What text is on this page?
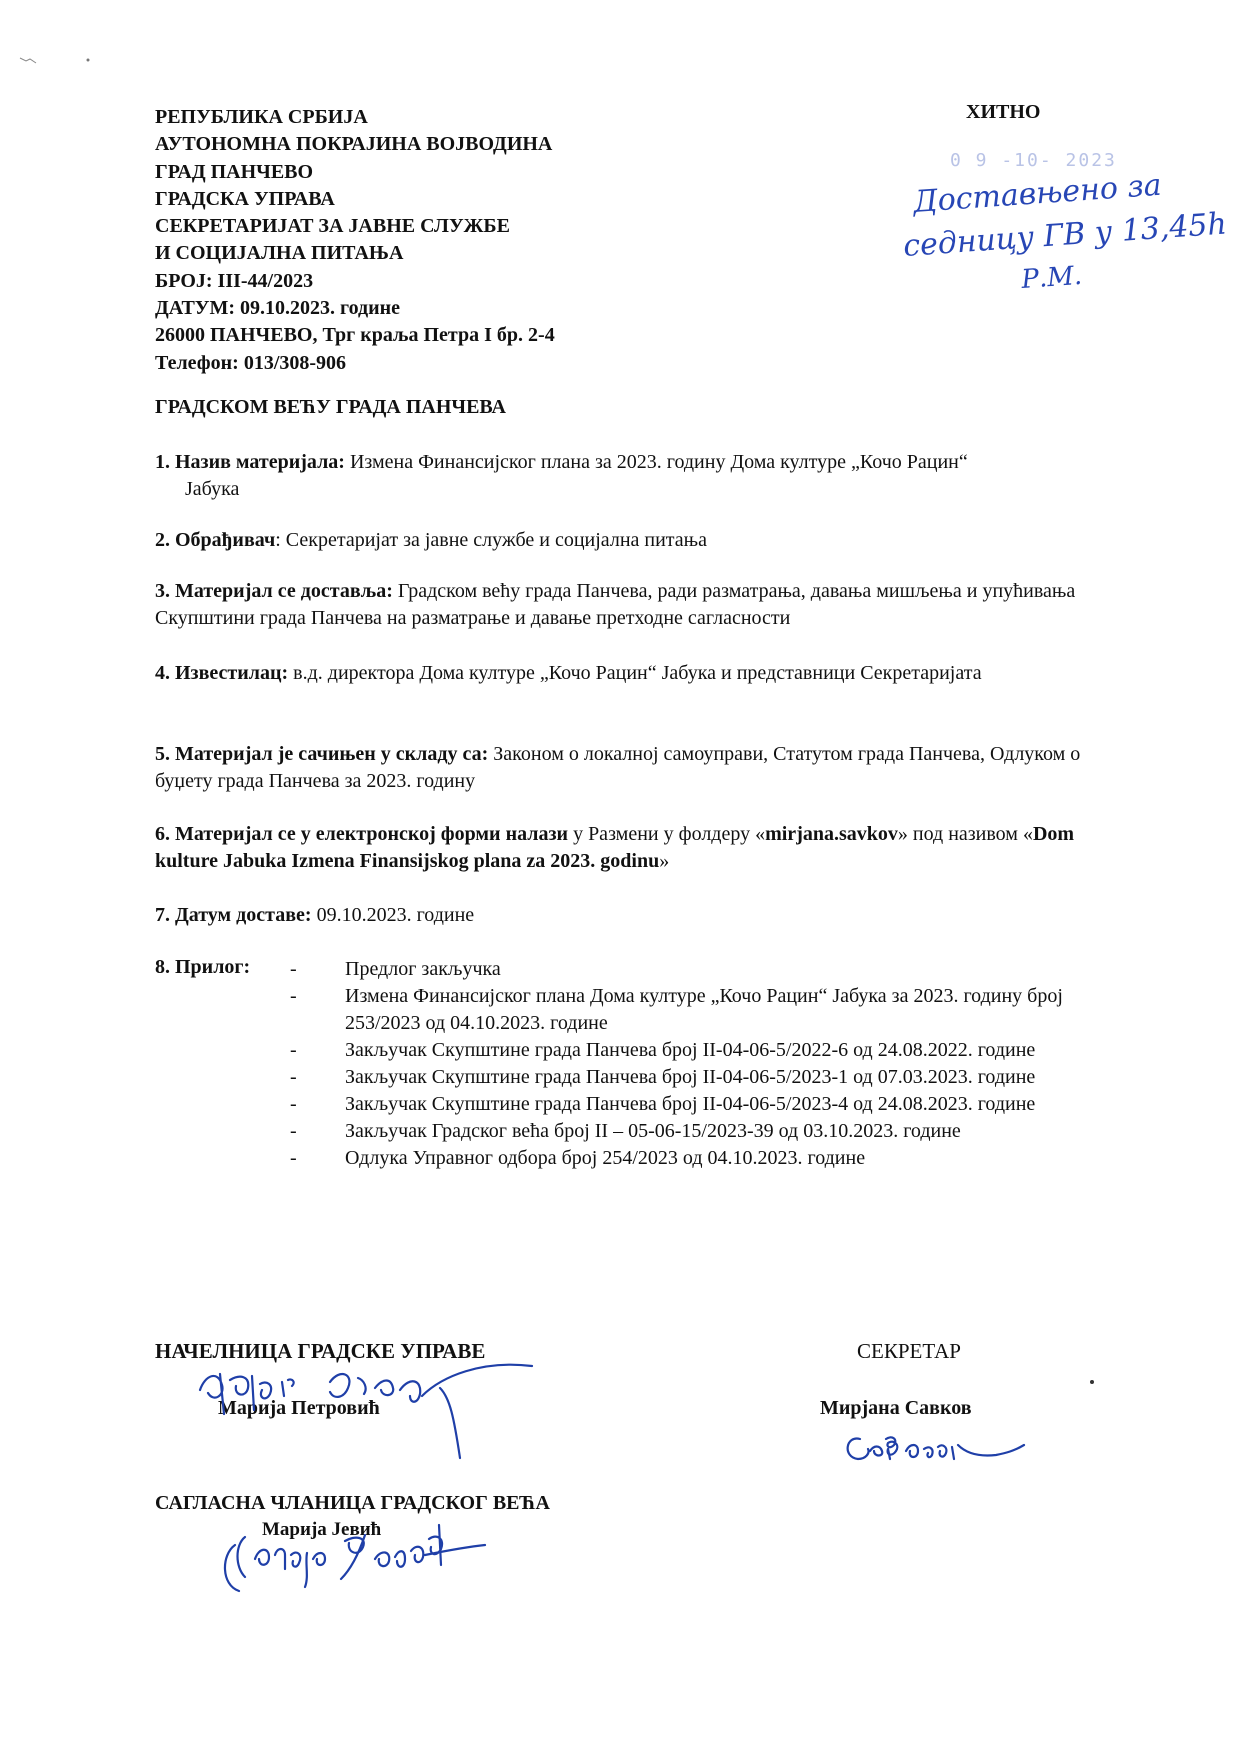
РЕПУБЛИКА СРБИЈА
АУТОНОМНА ПОКРАЈИНА ВОЈВОДИНА
ГРАД ПАНЧЕВО
ГРАДСКА УПРАВА
СЕКРЕТАРИЈАТ ЗА ЈАВНЕ СЛУЖБЕ
И СОЦИЈАЛНА ПИТАЊА
БРОЈ: III-44/2023
ДАТУМ: 09.10.2023. године
26000 ПАНЧЕВО, Трг краља Петра I бр. 2-4
Телефон: 013/308-906
ХИТНО
0 9 -10- 2023
Доставњено за
седницу ГВ у 13,45h
Р.М.
ГРАДСКОМ ВЕЋУ ГРАДА ПАНЧЕВА
1. Назив материјала: Измена Финансијског плана за 2023. годину Дома културе „Кочо Рацин“
Јабука
2. Обрађивач: Секретаријат за јавне службе и социјална питања
3. Материјал се доставља: Градском већу града Панчева, ради разматрања, давања мишљења и упућивања Скупштини града Панчева на разматрање и давање претходне сагласности
4. Известилац: в.д. директора Дома културе „Кочо Рацин“ Јабука и представници Секретаријата
5. Материјал је сачињен у складу са: Законом о локалној самоуправи, Статутом града Панчева, Одлуком о буџету града Панчева за 2023. годину
6. Материјал се у електронској форми налази у Размени у фолдеру «mirjana.savkov» под називом «Dom kulture Jabuka Izmena Finansijskog plana za 2023. godinu»
7. Датум доставе: 09.10.2023. године
8. Прилог: - Предлог закључка
- Измена Финансијског плана Дома културе „Кочо Рацин“ Јабука за 2023. годину број 253/2023 од 04.10.2023. године
- Закључак Скупштине града Панчева број II-04-06-5/2022-6 од 24.08.2022. године
- Закључак Скупштине града Панчева број II-04-06-5/2023-1 од 07.03.2023. године
- Закључак Скупштине града Панчева број II-04-06-5/2023-4 од 24.08.2023. године
- Закључак Градског већа број II – 05-06-15/2023-39 од 03.10.2023. године
- Одлука Управног одбора број 254/2023 од 04.10.2023. године
НАЧЕЛНИЦА ГРАДСКЕ УПРАВЕ
Марија Петровић
СЕКРЕТАР
Мирјана Савков
САГЛАСНА ЧЛАНИЦА ГРАДСКОГ ВЕЋА
Марија Јевић
